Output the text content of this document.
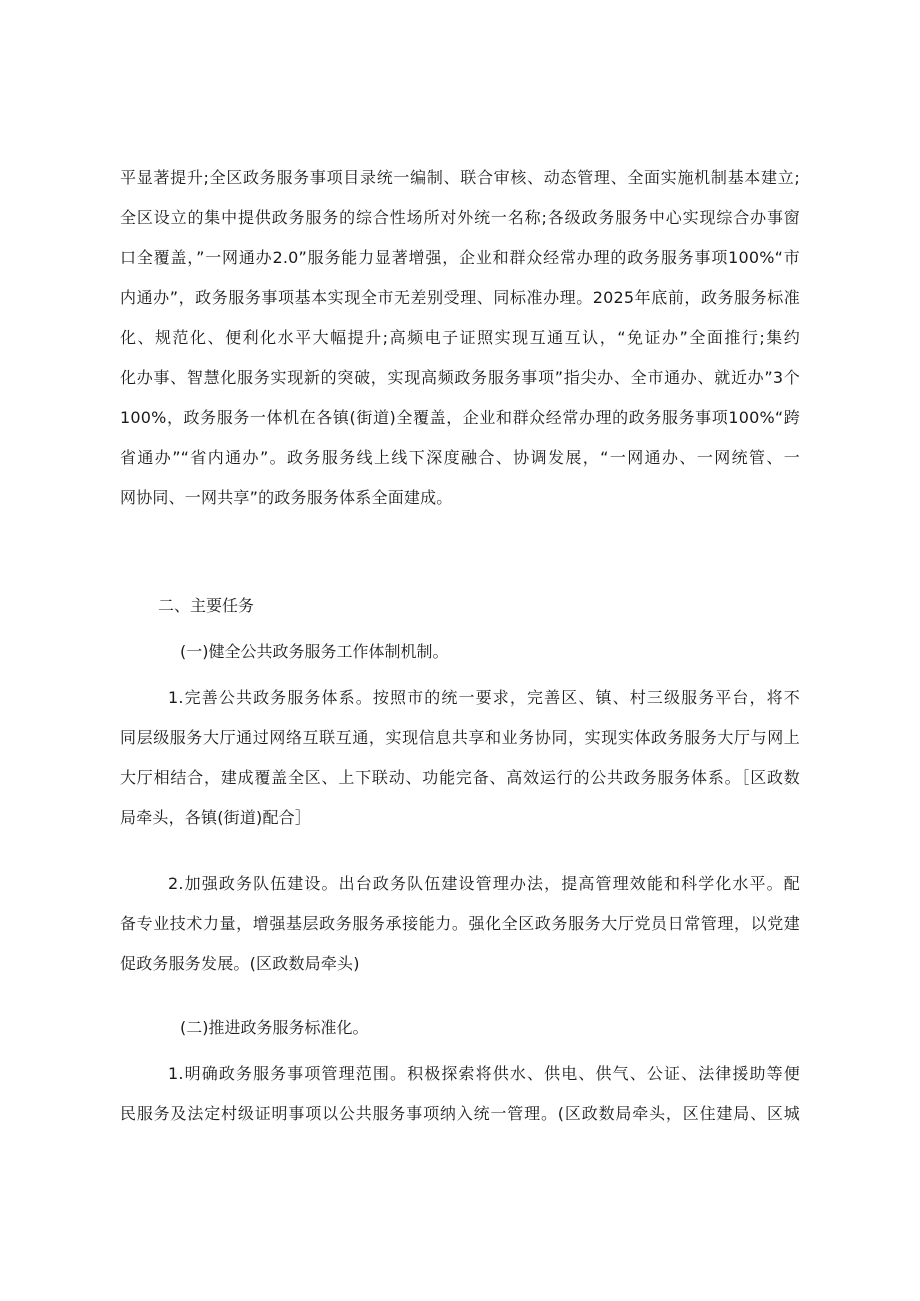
平显著提升;全区政务服务事项目录统一编制、联合审核、动态管理、全面实施机制基本建立;
全区设立的集中提供政务服务的综合性场所对外统一名称;各级政务服务中心实现综合办事窗
口全覆盖，”一网通办2.0”服务能力显著增强，企业和群众经常办理的政务服务事项100%“市
内通办”，政务服务事项基本实现全市无差别受理、同标准办理。2025年底前，政务服务标准
化、规范化、便利化水平大幅提升;高频电子证照实现互通互认，“免证办”全面推行;集约
化办事、智慧化服务实现新的突破，实现高频政务服务事项”指尖办、全市通办、就近办”3个
100%，政务服务一体机在各镇(街道)全覆盖，企业和群众经常办理的政务服务事项100%“跨
省通办”“省内通办”。政务服务线上线下深度融合、协调发展，“一网通办、一网统管、一
网协同、一网共享”的政务服务体系全面建成。
二、主要任务
(一)健全公共政务服务工作体制机制。
1.完善公共政务服务体系。按照市的统一要求，完善区、镇、村三级服务平台，将不
同层级服务大厅通过网络互联互通，实现信息共享和业务协同，实现实体政务服务大厅与网上
大厅相结合，建成覆盖全区、上下联动、功能完备、高效运行的公共政务服务体系。［区政数
局牵头，各镇(街道)配合］
2.加强政务队伍建设。出台政务队伍建设管理办法，提高管理效能和科学化水平。配
备专业技术力量，增强基层政务服务承接能力。强化全区政务服务大厅党员日常管理，以党建
促政务服务发展。(区政数局牵头)
(二)推进政务服务标准化。
1.明确政务服务事项管理范围。积极探索将供水、供电、供气、公证、法律援助等便
民服务及法定村级证明事项以公共服务事项纳入统一管理。(区政数局牵头，区住建局、区城
